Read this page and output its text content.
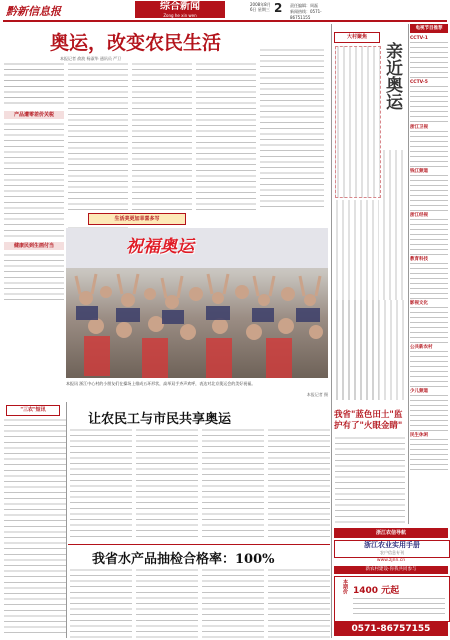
黔新信息报	综合新闻
Zong he xin wen
2008年8月6日 星期三 2 责任编辑：周磊
新闻热线：0571-86751155
奥运，改变农民生活
本报记者 俞波 杨淑华 通讯员 严卫
产品遭零差价关税
健康民到生画付当
生活美更加幸喜多写
祝福奥运
本报讯 浙江中心村的小朋友们在操场上排成五环形状，高举双手齐声欢呼，表达对北京奥运会的美好祝福。
本报记者 摄
"三农"短讯
让农民工与市民共享奥运
我省水产品抽检合格率：100%
大村聚焦
亲近奥运
我省"蓝色田土"监护有了"火眼金睛"
电视节目推荐
CCTV-1
CCTV-5
浙江卫视
钱江频道
浙江经视
教育科技
影视文化
公共新农村
少儿频道
民生休闲
浙江农信导航
浙江农业实用手册
农户信息专刊
www.zjnn.cn
新农村建设·你我共同参与
本期价 1400 元起
0571-86757155
